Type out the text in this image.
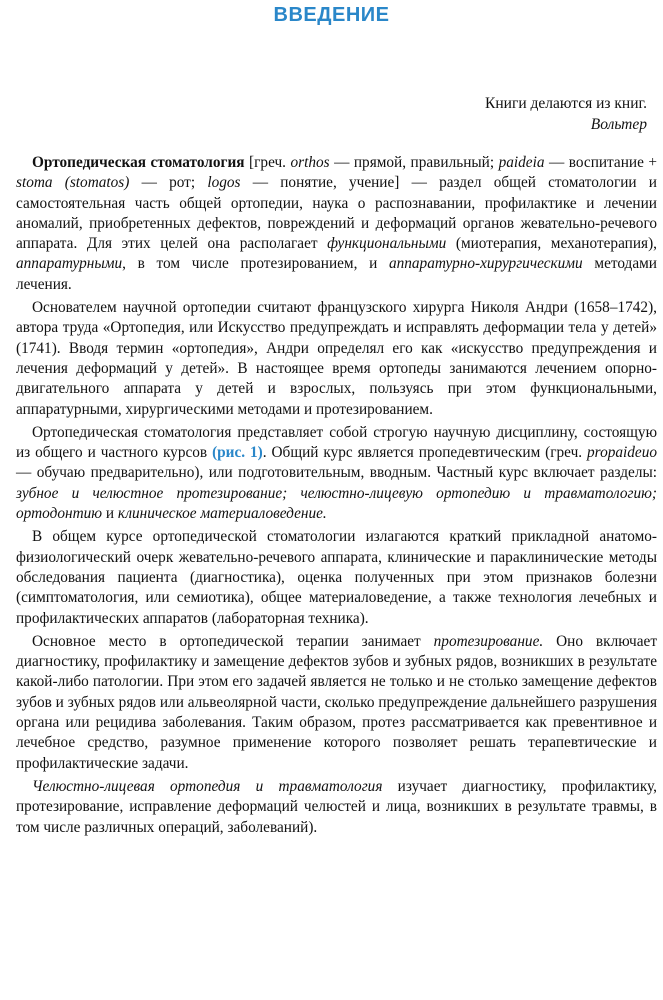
ВВЕДЕНИЕ
Книги делаются из книг.
Вольтер

Ортопедическая стоматология [греч. orthos — прямой, правильный; paideia — воспитание + stoma (stomatos) — рот; logos — понятие, учение] — раздел общей стоматологии и самостоятельная часть общей ортопедии, наука о распознавании, профилактике и лечении аномалий, приобретенных дефектов, повреждений и деформаций органов жевательно-речевого аппарата. Для этих целей она располагает функциональными (миотерапия, механотерапия), аппаратурными, в том числе протезированием, и аппаратурно-хирургическими методами лечения.

Основателем научной ортопедии считают французского хирурга Николя Андри (1658–1742), автора труда «Ортопедия, или Искусство предупреждать и исправлять деформации тела у детей» (1741). Вводя термин «ортопедия», Андри определял его как «искусство предупреждения и лечения деформаций у детей». В настоящее время ортопеды занимаются лечением опорно-двигательного аппарата у детей и взрослых, пользуясь при этом функциональными, аппаратурными, хирургическими методами и протезированием.

Ортопедическая стоматология представляет собой строгую научную дисциплину, состоящую из общего и частного курсов (рис. 1). Общий курс является пропедевтическим (греч. propaideuo — обучаю предварительно), или подготовительным, вводным. Частный курс включает разделы: зубное и челюстное протезирование; челюстно-лицевую ортопедию и травматологию; ортодонтию и клиническое материаловедение.

В общем курсе ортопедической стоматологии излагаются краткий прикладной анатомо-физиологический очерк жевательно-речевого аппарата, клинические и параклинические методы обследования пациента (диагностика), оценка полученных при этом признаков болезни (симптоматология, или семиотика), общее материаловедение, а также технология лечебных и профилактических аппаратов (лабораторная техника).

Основное место в ортопедической терапии занимает протезирование. Оно включает диагностику, профилактику и замещение дефектов зубов и зубных рядов, возникших в результате какой-либо патологии. При этом его задачей является не только и не столько замещение дефектов зубов и зубных рядов или альвеолярной части, сколько предупреждение дальнейшего разрушения органа или рецидива заболевания. Таким образом, протез рассматривается как превентивное и лечебное средство, разумное применение которого позволяет решать терапевтические и профилактические задачи.

Челюстно-лицевая ортопедия и травматология изучает диагностику, профилактику, протезирование, исправление деформаций челюстей и лица, возникших в результате травмы, в том числе различных операций, заболеваний).
